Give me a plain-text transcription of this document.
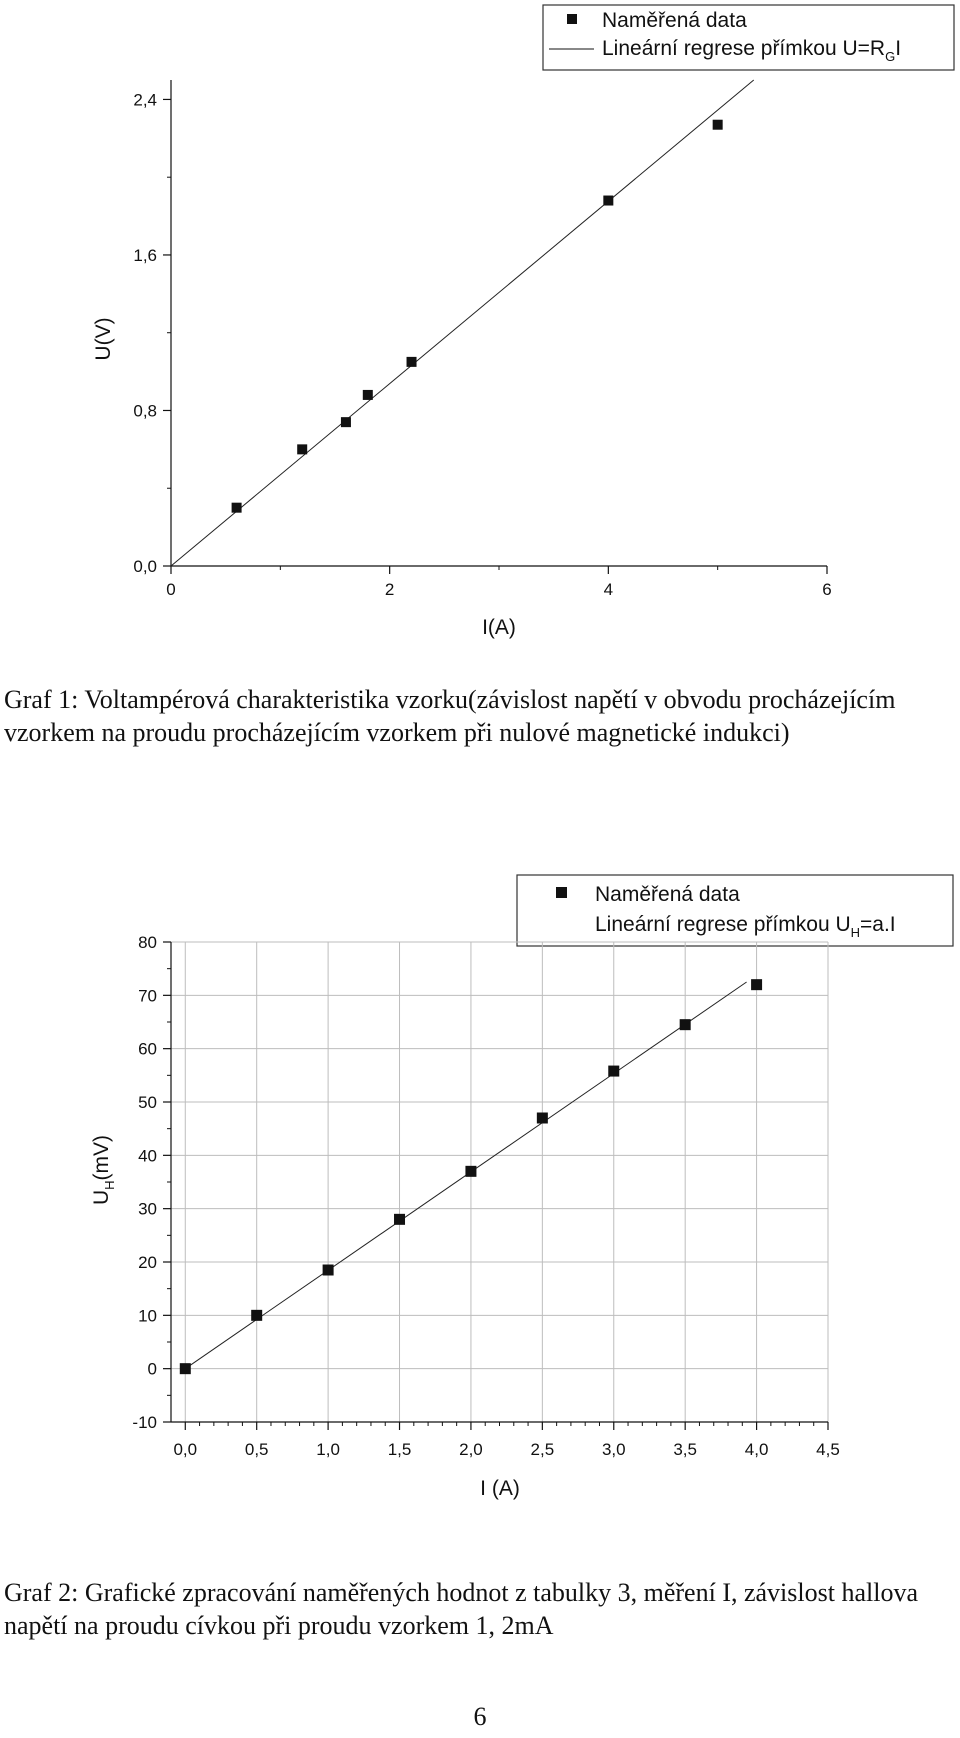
Naměřená data
Lineární regrese přímkou $U=R_GI$
0,0
0,8
1,6
2,4
0	2	4	6
U(V)
I(A)

Graf 1: Voltampérová charakteristika vzorku(závislost napětí v obvodu procházejícím vzorkem na proudu procházejícím vzorkem při nulové magnetické indukci)

Naměřená data
Lineární regrese přímkou $U_H=a.I$
-10
0
10
20
30
40
50
60
70
80
0,0	0,5	1,0	1,5	2,0	2,5	3,0	3,5	4,0	4,5
$U_H(mV)$
I (A)

Graf 2: Grafické zpracování naměřených hodnot z tabulky 3, měření I, závislost hallova napětí na proudu cívkou při proudu vzorkem 1, 2mA

6
